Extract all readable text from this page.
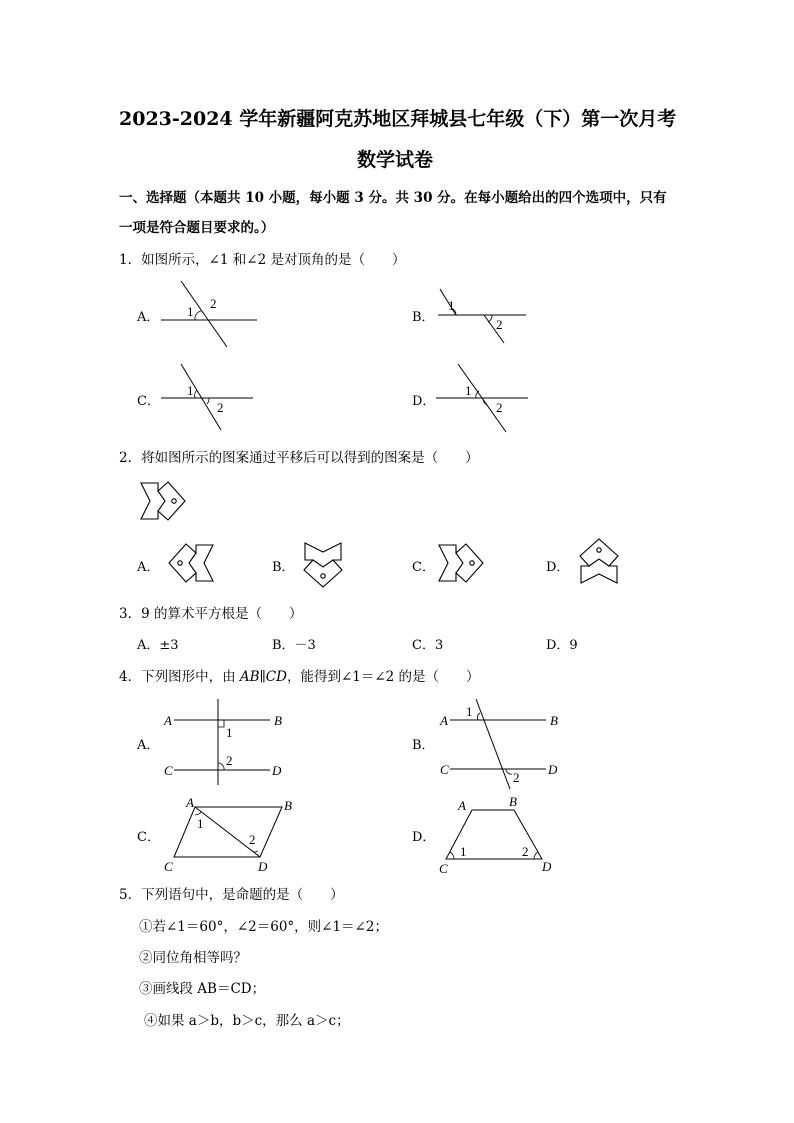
2023-2024 学年新疆阿克苏地区拜城县七年级（下）第一次月考
数学试卷
一、选择题（本题共 10 小题，每小题 3 分。共 30 分。在每小题给出的四个选项中，只有
一项是符合题目要求的。）
1．如图所示，∠1 和∠2 是对顶角的是（　　）
A． 1
2
B．
1
2
C．
1
2	D．
1
2
2．将如图所示的图案通过平移后可以得到的图案是（　　）
A．	B．	C．	D．
3．9 的算术平方根是（　　）
A．±3	B．－3	C．3	D．9
4．下列图形中，由 AB∥CD，能得到∠1＝∠2 的是（　　）
A．
A	B
C	D
1
2
B．
A	B
C	D
1
2
C．
A	B
C	D
1
2	D．
A	B
C	D
1	2
5．下列语句中，是命题的是（　　）
①若∠1＝60°，∠2＝60°，则∠1＝∠2；
②同位角相等吗？
③画线段 AB＝CD；
④如果 a＞b，b＞c，那么 a＞c；
